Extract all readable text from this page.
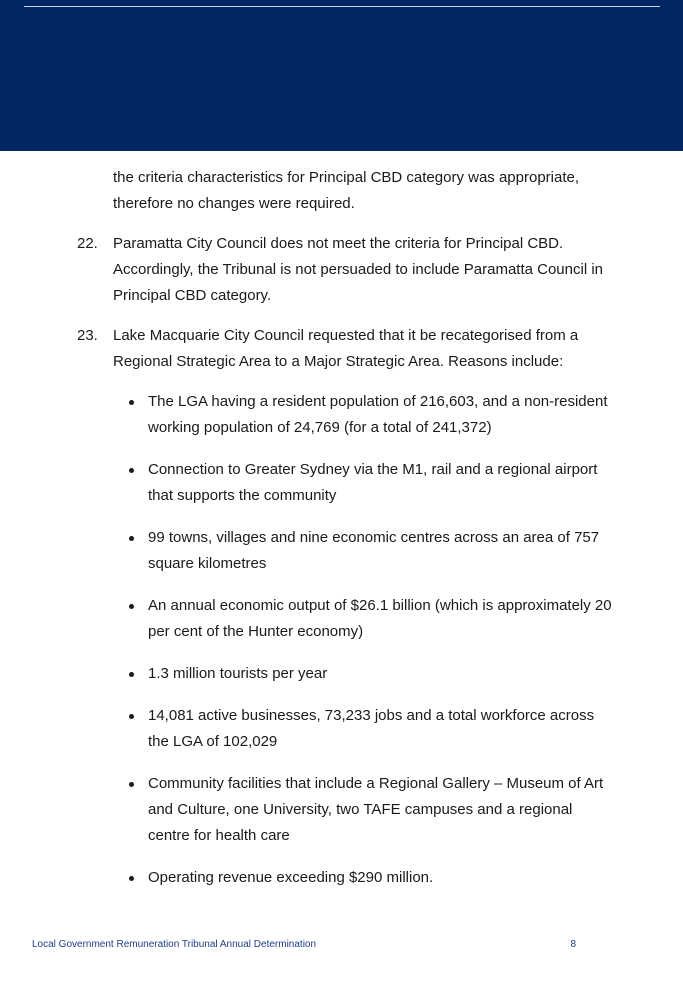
the criteria characteristics for Principal CBD category was appropriate, therefore no changes were required.

22. Paramatta City Council does not meet the criteria for Principal CBD. Accordingly, the Tribunal is not persuaded to include Paramatta Council in Principal CBD category.
23. Lake Macquarie City Council requested that it be recategorised from a Regional Strategic Area to a Major Strategic Area. Reasons include:
The LGA having a resident population of 216,603, and a non-resident working population of 24,769 (for a total of 241,372)
Connection to Greater Sydney via the M1, rail and a regional airport that supports the community
99 towns, villages and nine economic centres across an area of 757 square kilometres
An annual economic output of $26.1 billion (which is approximately 20 per cent of the Hunter economy)
1.3 million tourists per year
14,081 active businesses, 73,233 jobs and a total workforce across the LGA of 102,029
Community facilities that include a Regional Gallery – Museum of Art and Culture, one University, two TAFE campuses and a regional centre for health care
Operating revenue exceeding $290 million.
Local Government Remuneration Tribunal Annual Determination	8
